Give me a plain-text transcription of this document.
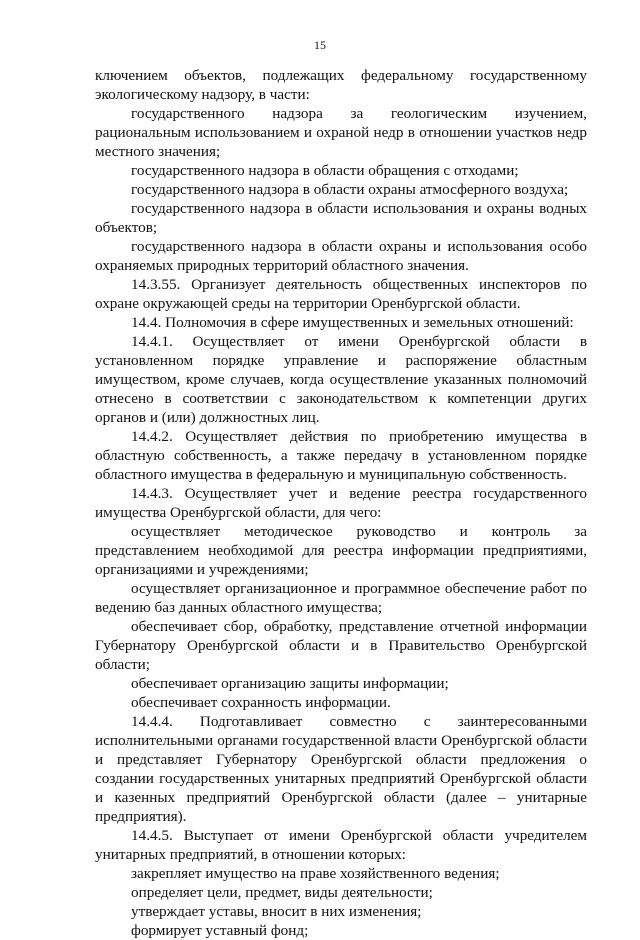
15

ключением объектов, подлежащих федеральному государственному экологическому надзору, в части:

государственного надзора за геологическим изучением, рациональным использованием и охраной недр в отношении участков недр местного значения;

государственного надзора в области обращения с отходами;

государственного надзора в области охраны атмосферного воздуха;

государственного надзора в области использования и охраны водных объектов;

государственного надзора в области охраны и использования особо охраняемых природных территорий областного значения.

14.3.55. Организует деятельность общественных инспекторов по охране окружающей среды на территории Оренбургской области.

14.4. Полномочия в сфере имущественных и земельных отношений:

14.4.1. Осуществляет от имени Оренбургской области в установленном порядке управление и распоряжение областным имуществом, кроме случаев, когда осуществление указанных полномочий отнесено в соответствии с законодательством к компетенции других органов и (или) должностных лиц.

14.4.2. Осуществляет действия по приобретению имущества в областную собственность, а также передачу в установленном порядке областного имущества в федеральную и муниципальную собственность.

14.4.3. Осуществляет учет и ведение реестра государственного имущества Оренбургской области, для чего:

осуществляет методическое руководство и контроль за представлением необходимой для реестра информации предприятиями, организациями и учреждениями;

осуществляет организационное и программное обеспечение работ по ведению баз данных областного имущества;

обеспечивает сбор, обработку, представление отчетной информации Губернатору Оренбургской области и в Правительство Оренбургской области;

обеспечивает организацию защиты информации;

обеспечивает сохранность информации.

14.4.4. Подготавливает совместно с заинтересованными исполнительными органами государственной власти Оренбургской области и представляет Губернатору Оренбургской области предложения о создании государственных унитарных предприятий Оренбургской области и казенных предприятий Оренбургской области (далее – унитарные предприятия).

14.4.5. Выступает от имени Оренбургской области учредителем унитарных предприятий, в отношении которых:

закрепляет имущество на праве хозяйственного ведения;

определяет цели, предмет, виды деятельности;

утверждает уставы, вносит в них изменения;

формирует уставный фонд;
